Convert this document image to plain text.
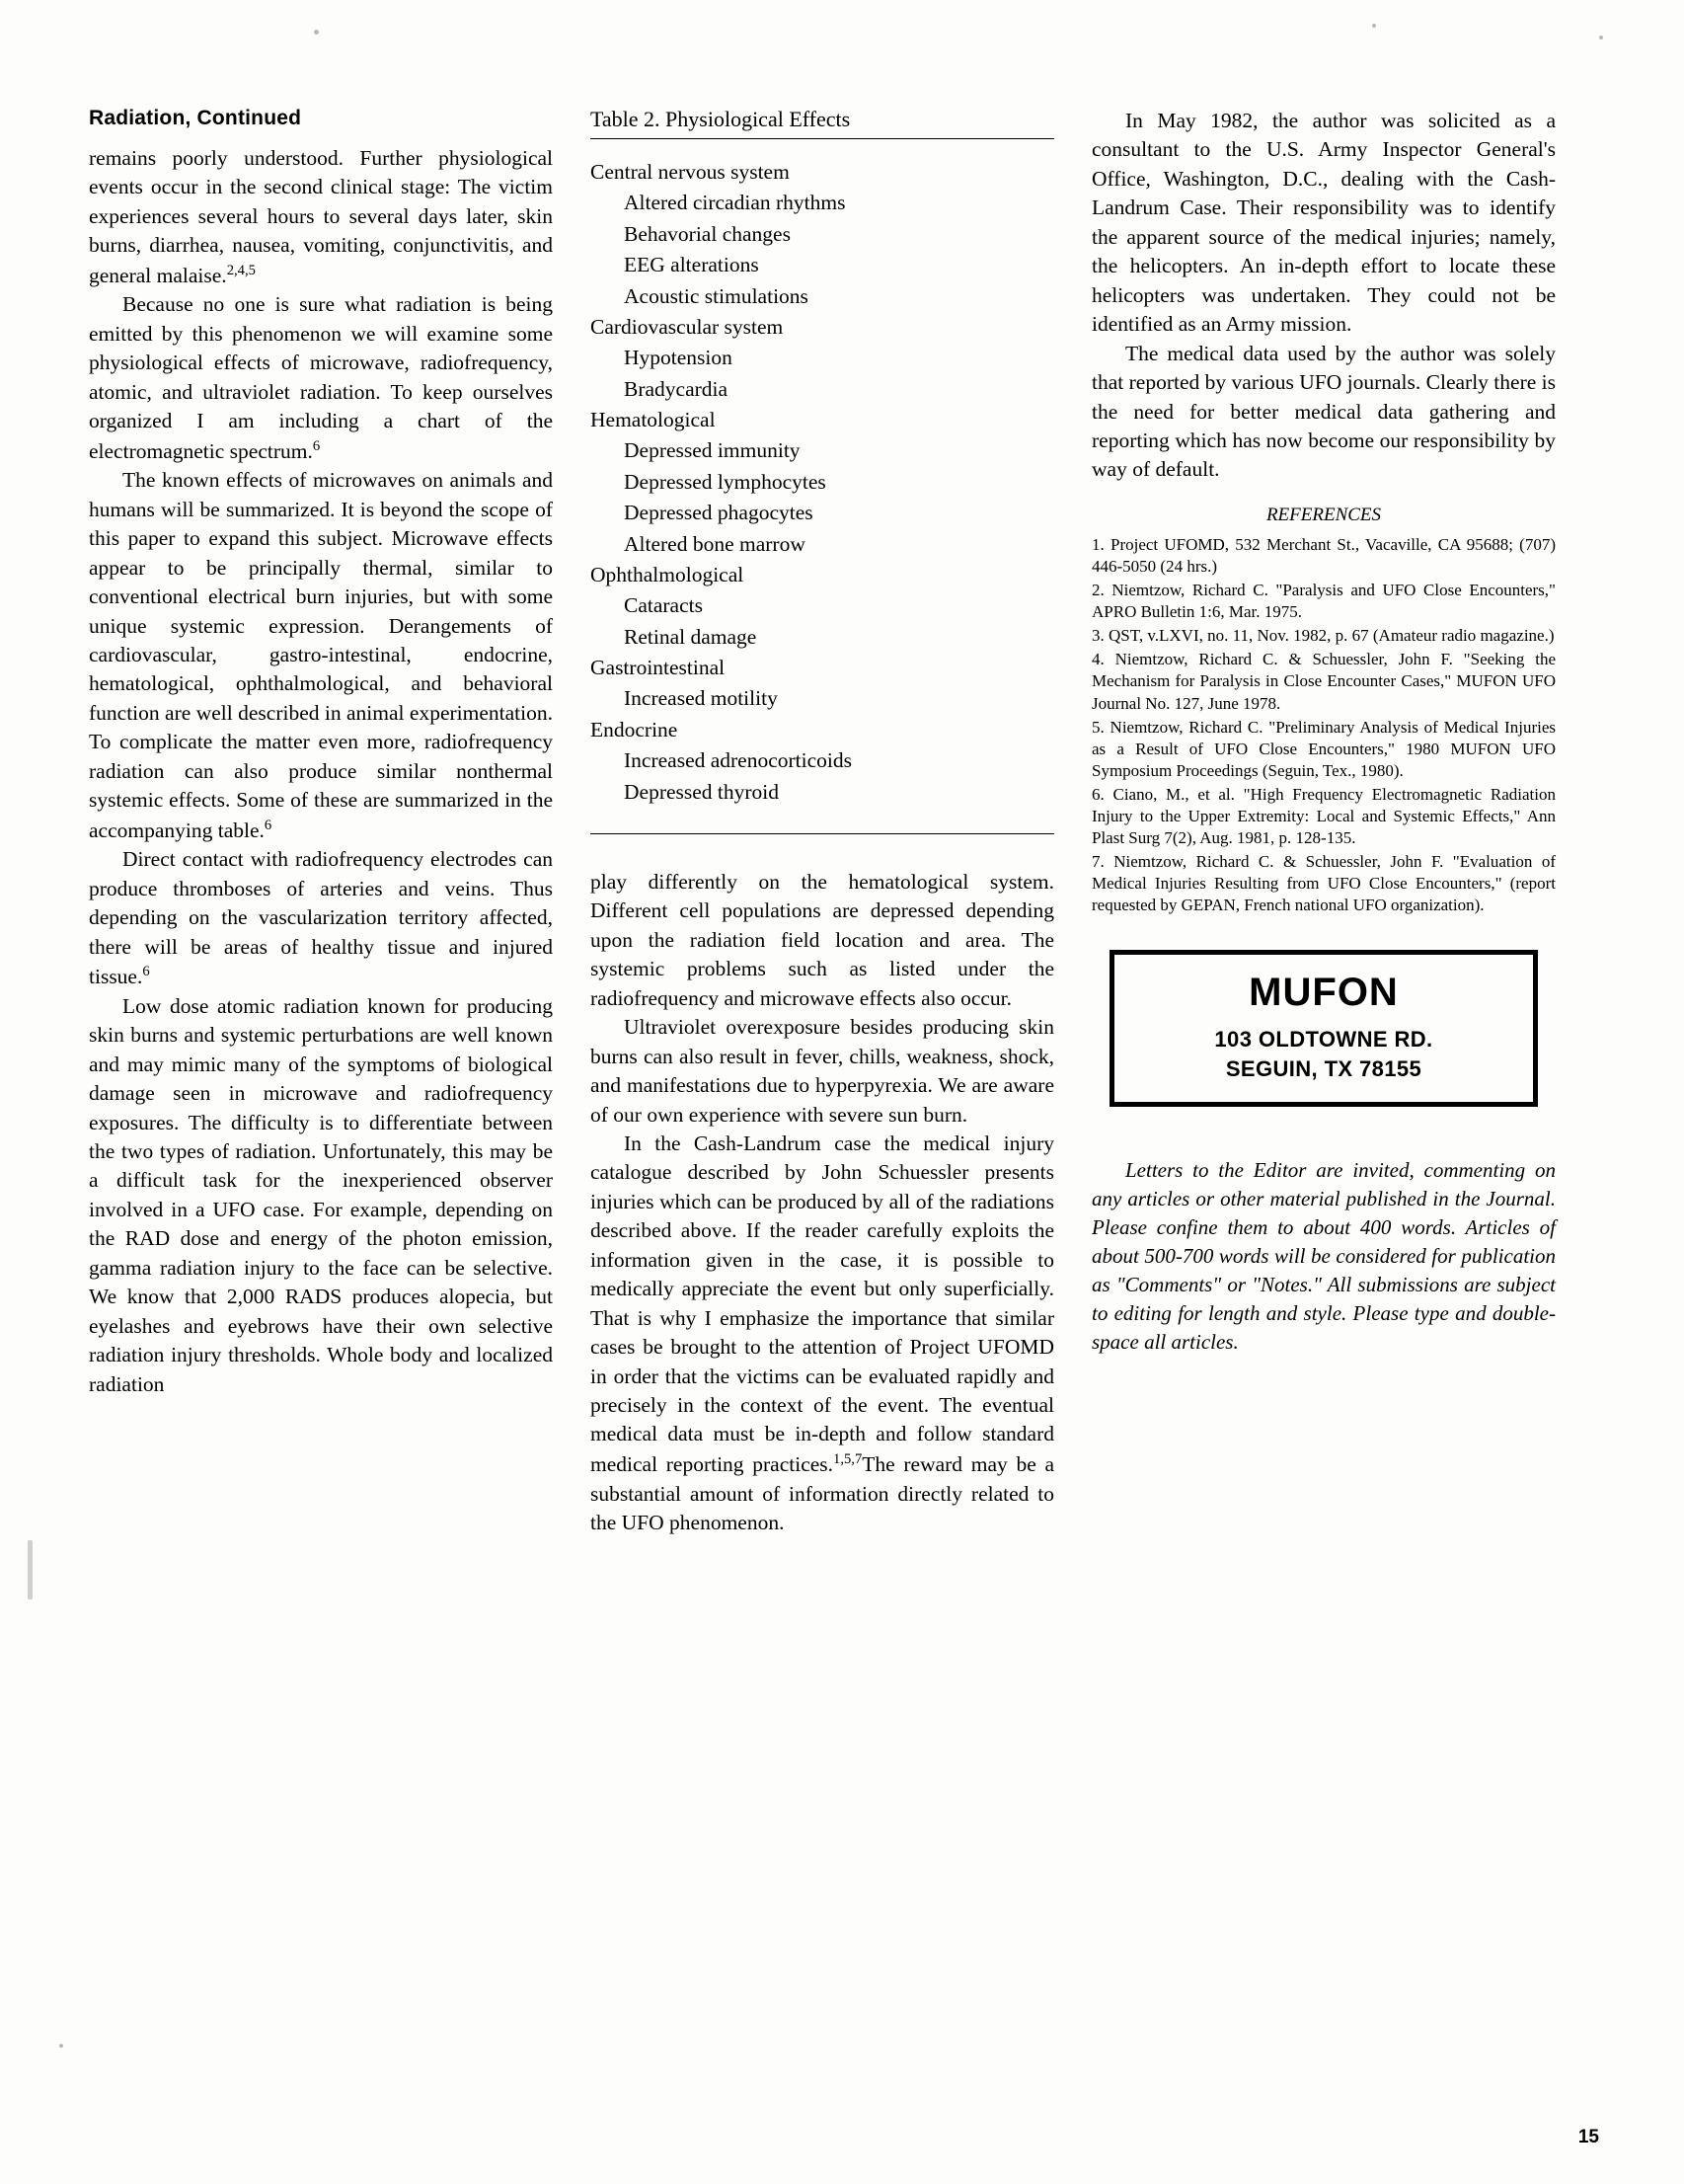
Radiation, Continued

remains poorly understood. Further physiological events occur in the second clinical stage: The victim experiences several hours to several days later, skin burns, diarrhea, nausea, vomiting, conjunctivitis, and general malaise.$^{2,4,5}$

Because no one is sure what radiation is being emitted by this phenomenon we will examine some physiological effects of microwave, radiofrequency, atomic, and ultraviolet radiation. To keep ourselves organized I am including a chart of the electromagnetic spectrum.$^6$

The known effects of microwaves on animals and humans will be summarized. It is beyond the scope of this paper to expand this subject. Microwave effects appear to be principally thermal, similar to conventional electrical burn injuries, but with some unique systemic expression. Derangements of cardiovascular, gastro-intestinal, endocrine, hematological, ophthalmological, and behavioral function are well described in animal experimentation. To complicate the matter even more, radiofrequency radiation can also produce similar nonthermal systemic effects. Some of these are summarized in the accompanying table.$^6$

Direct contact with radiofrequency electrodes can produce thromboses of arteries and veins. Thus depending on the vascularization territory affected, there will be areas of healthy tissue and injured tissue.$^6$

Low dose atomic radiation known for producing skin burns and systemic perturbations are well known and may mimic many of the symptoms of biological damage seen in microwave and radiofrequency exposures. The difficulty is to differentiate between the two types of radiation. Unfortunately, this may be a difficult task for the inexperienced observer involved in a UFO case. For example, depending on the RAD dose and energy of the photon emission, gamma radiation injury to the face can be selective. We know that 2,000 RADS produces alopecia, but eyelashes and eyebrows have their own selective radiation injury thresholds. Whole body and localized radiation

Table 2. Physiological Effects
Central nervous system
Altered circadian rhythms
Behavorial changes
EEG alterations
Acoustic stimulations
Cardiovascular system
Hypotension
Bradycardia
Hematological
Depressed immunity
Depressed lymphocytes
Depressed phagocytes
Altered bone marrow
Ophthalmological
Cataracts
Retinal damage
Gastrointestinal
Increased motility
Endocrine
Increased adrenocorticoids
Depressed thyroid

play differently on the hematological system. Different cell populations are depressed depending upon the radiation field location and area. The systemic problems such as listed under the radiofrequency and microwave effects also occur.

Ultraviolet overexposure besides producing skin burns can also result in fever, chills, weakness, shock, and manifestations due to hyperpyrexia. We are aware of our own experience with severe sun burn.

In the Cash-Landrum case the medical injury catalogue described by John Schuessler presents injuries which can be produced by all of the radiations described above. If the reader carefully exploits the information given in the case, it is possible to medically appreciate the event but only superficially. That is why I emphasize the importance that similar cases be brought to the attention of Project UFOMD in order that the victims can be evaluated rapidly and precisely in the context of the event. The eventual medical data must be in-depth and follow standard medical reporting practices.$^{1,5,7}$The reward may be a substantial amount of information directly related to the UFO phenomenon.

In May 1982, the author was solicited as a consultant to the U.S. Army Inspector General's Office, Washington, D.C., dealing with the Cash-Landrum Case. Their responsibility was to identify the apparent source of the medical injuries; namely, the helicopters. An in-depth effort to locate these helicopters was undertaken. They could not be identified as an Army mission.

The medical data used by the author was solely that reported by various UFO journals. Clearly there is the need for better medical data gathering and reporting which has now become our responsibility by way of default.

REFERENCES
1. Project UFOMD, 532 Merchant St., Vacaville, CA 95688; (707) 446-5050 (24 hrs.)
2. Niemtzow, Richard C. "Paralysis and UFO Close Encounters," APRO Bulletin 1:6, Mar. 1975.
3. QST, v.LXVI, no. 11, Nov. 1982, p. 67 (Amateur radio magazine.)
4. Niemtzow, Richard C. & Schuessler, John F. "Seeking the Mechanism for Paralysis in Close Encounter Cases," MUFON UFO Journal No. 127, June 1978.
5. Niemtzow, Richard C. "Preliminary Analysis of Medical Injuries as a Result of UFO Close Encounters," 1980 MUFON UFO Symposium Proceedings (Seguin, Tex., 1980).
6. Ciano, M., et al. "High Frequency Electromagnetic Radiation Injury to the Upper Extremity: Local and Systemic Effects," Ann Plast Surg 7(2), Aug. 1981, p. 128-135.
7. Niemtzow, Richard C. & Schuessler, John F. "Evaluation of Medical Injuries Resulting from UFO Close Encounters," (report requested by GEPAN, French national UFO organization).
MUFON
103 OLDTOWNE RD.
SEGUIN, TX 78155
Letters to the Editor are invited, commenting on any articles or other material published in the Journal. Please confine them to about 400 words. Articles of about 500-700 words will be considered for publication as "Comments" or "Notes." All submissions are subject to editing for length and style. Please type and double-space all articles.
15
